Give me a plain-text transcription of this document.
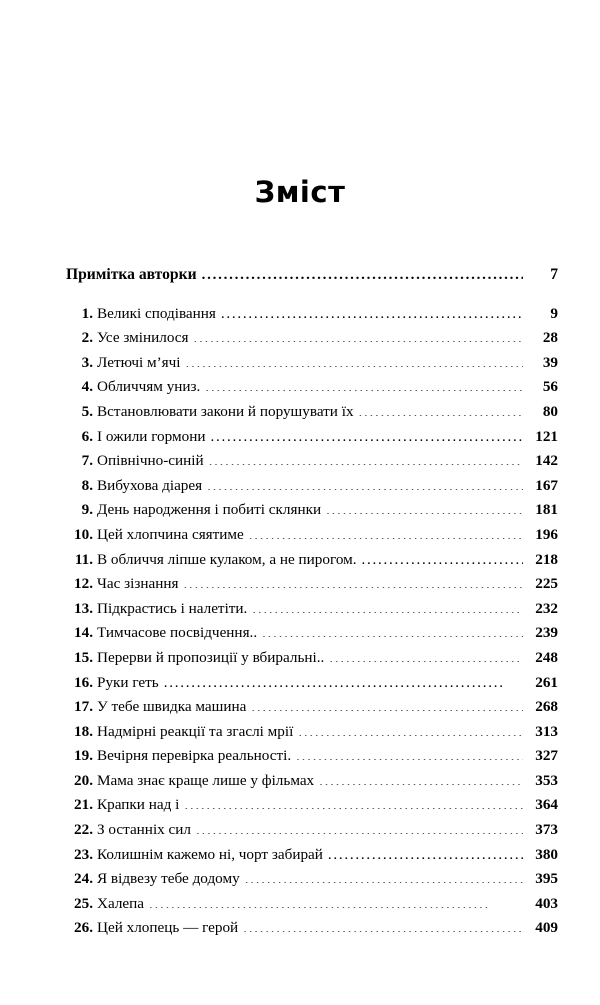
Зміст
Примітка авторки . . .	7
1. Великі сподівання . . .	9
2. Усе змінилося . . .	28
3. Летючі м’ячі . . .	39
4. Обличчям униз. . . .	56
5. Встановлювати закони й порушувати їх . . .	80
6. І ожили гормони . . .	121
7. Опівнічно-синій . . .	142
8. Вибухова діарея . . .	167
9. День народження і побиті склянки . . .	181
10. Цей хлопчина сяятиме . . .	196
11. В обличчя ліпше кулаком, а не пирогом. . . .	218
12. Час зізнання . . .	225
13. Підкрастись і налетіти. . . .	232
14. Тимчасове посвідчення.. . . .	239
15. Перерви й пропозиції у вбиральні.. . . .	248
16. Руки геть . . .	261
17. У тебе швидка машина . . .	268
18. Надмірні реакції та згаслі мрії . . .	313
19. Вечірня перевірка реальності. . . .	327
20. Мама знає краще лише у фільмах . . .	353
21. Крапки над і . . .	364
22. З останніх сил . . .	373
23. Колишнім кажемо ні, чорт забирай . . .	380
24. Я відвезу тебе додому . . .	395
25. Халепа . . .	403
26. Цей хлопець — герой . . .	409
